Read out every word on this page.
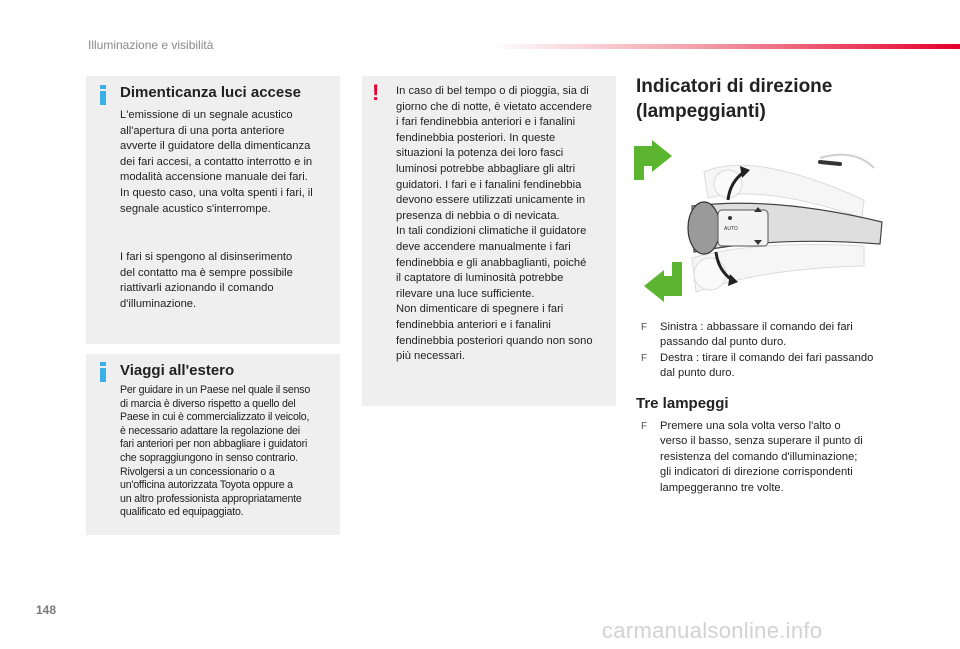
Illuminazione e visibilità
Dimenticanza luci accese
L'emissione di un segnale acustico
all'apertura di una porta anteriore
avverte il guidatore della dimenticanza
dei fari accesi, a contatto interrotto e in
modalità accensione manuale dei fari.
In questo caso, una volta spenti i fari, il
segnale acustico s'interrompe.
I fari si spengono al disinserimento
del contatto ma è sempre possibile
riattivarli azionando il comando
d'illuminazione.
Viaggi all'estero
Per guidare in un Paese nel quale il senso
di marcia è diverso rispetto a quello del
Paese in cui è commercializzato il veicolo,
è necessario adattare la regolazione dei
fari anteriori per non abbagliare i guidatori
che sopraggiungono in senso contrario.
Rivolgersi a un concessionario o a
un'officina autorizzata Toyota oppure a
un altro professionista appropriatamente
qualificato ed equipaggiato.
! In caso di bel tempo o di pioggia, sia di
giorno che di notte, è vietato accendere
i fari fendinebbia anteriori e i fanalini
fendinebbia posteriori. In queste
situazioni la potenza dei loro fasci
luminosi potrebbe abbagliare gli altri
guidatori. I fari e i fanalini fendinebbia
devono essere utilizzati unicamente in
presenza di nebbia o di nevicata.
In tali condizioni climatiche il guidatore
deve accendere manualmente i fari
fendinebbia e gli anabbaglianti, poiché
il captatore di luminosità potrebbe
rilevare una luce sufficiente.
Non dimenticare di spegnere i fari
fendinebbia anteriori e i fanalini
fendinebbia posteriori quando non sono
più necessari.
Indicatori di direzione
(lampeggianti)
AUTO
F	Sinistra : abbassare il comando dei fari
passando dal punto duro.
F	Destra : tirare il comando dei fari passando
dal punto duro.
Tre lampeggi
F	Premere una sola volta verso l'alto o
verso il basso, senza superare il punto di
resistenza del comando d'illuminazione;
gli indicatori di direzione corrispondenti
lampeggeranno tre volte.
148
carmanualsonline.info
